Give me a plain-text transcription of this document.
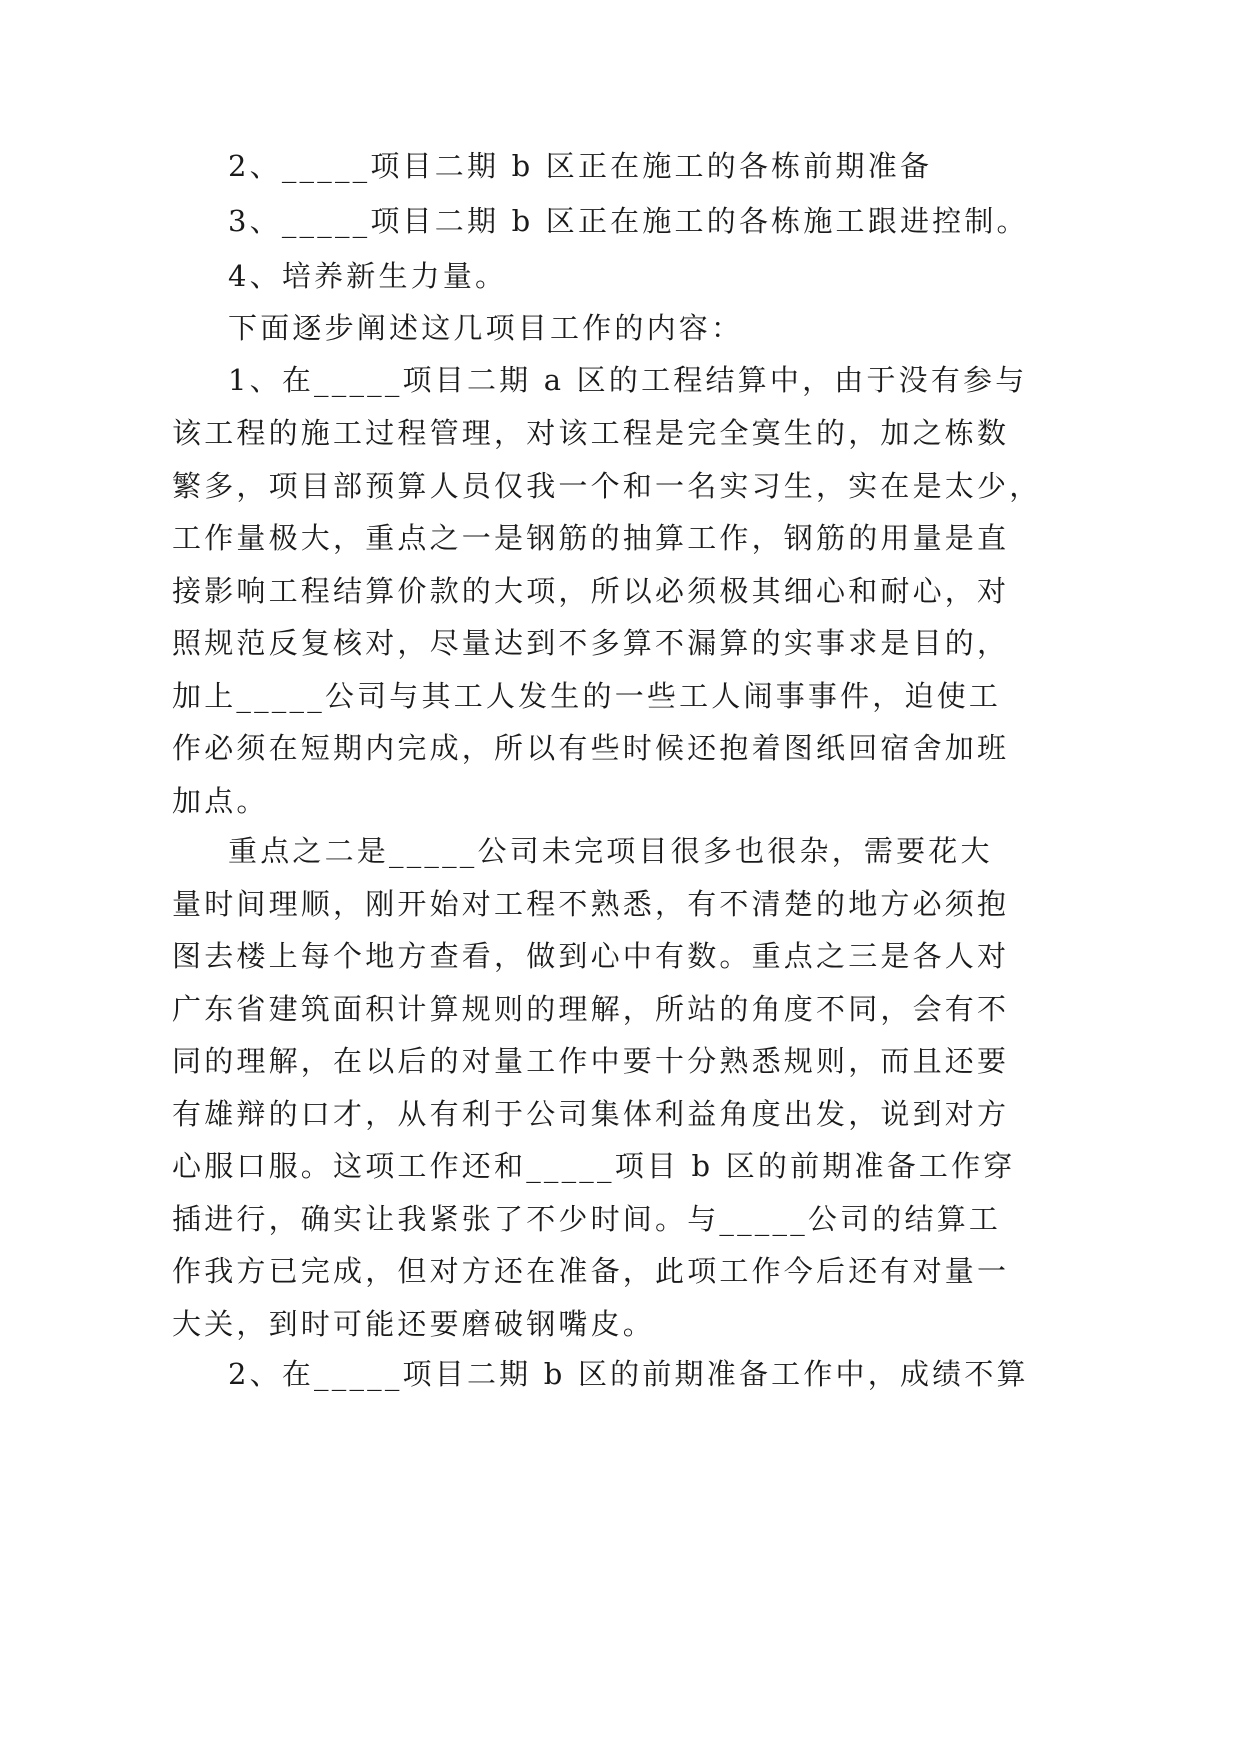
2、_____项目二期 b 区正在施工的各栋前期准备
3、_____项目二期 b 区正在施工的各栋施工跟进控制。
4、培养新生力量。
下面逐步阐述这几项目工作的内容：
1、在_____项目二期 a 区的工程结算中，由于没有参与
该工程的施工过程管理，对该工程是完全寞生的，加之栋数
繁多，项目部预算人员仅我一个和一名实习生，实在是太少，
工作量极大，重点之一是钢筋的抽算工作，钢筋的用量是直
接影响工程结算价款的大项，所以必须极其细心和耐心，对
照规范反复核对，尽量达到不多算不漏算的实事求是目的，
加上_____公司与其工人发生的一些工人闹事事件，迫使工
作必须在短期内完成，所以有些时候还抱着图纸回宿舍加班
加点。
重点之二是_____公司未完项目很多也很杂，需要花大
量时间理顺，刚开始对工程不熟悉，有不清楚的地方必须抱
图去楼上每个地方查看，做到心中有数。重点之三是各人对
广东省建筑面积计算规则的理解，所站的角度不同，会有不
同的理解，在以后的对量工作中要十分熟悉规则，而且还要
有雄辩的口才，从有利于公司集体利益角度出发，说到对方
心服口服。这项工作还和_____项目 b 区的前期准备工作穿
插进行，确实让我紧张了不少时间。与_____公司的结算工
作我方已完成，但对方还在准备，此项工作今后还有对量一
大关，到时可能还要磨破钢嘴皮。
2、在_____项目二期 b 区的前期准备工作中，成绩不算
